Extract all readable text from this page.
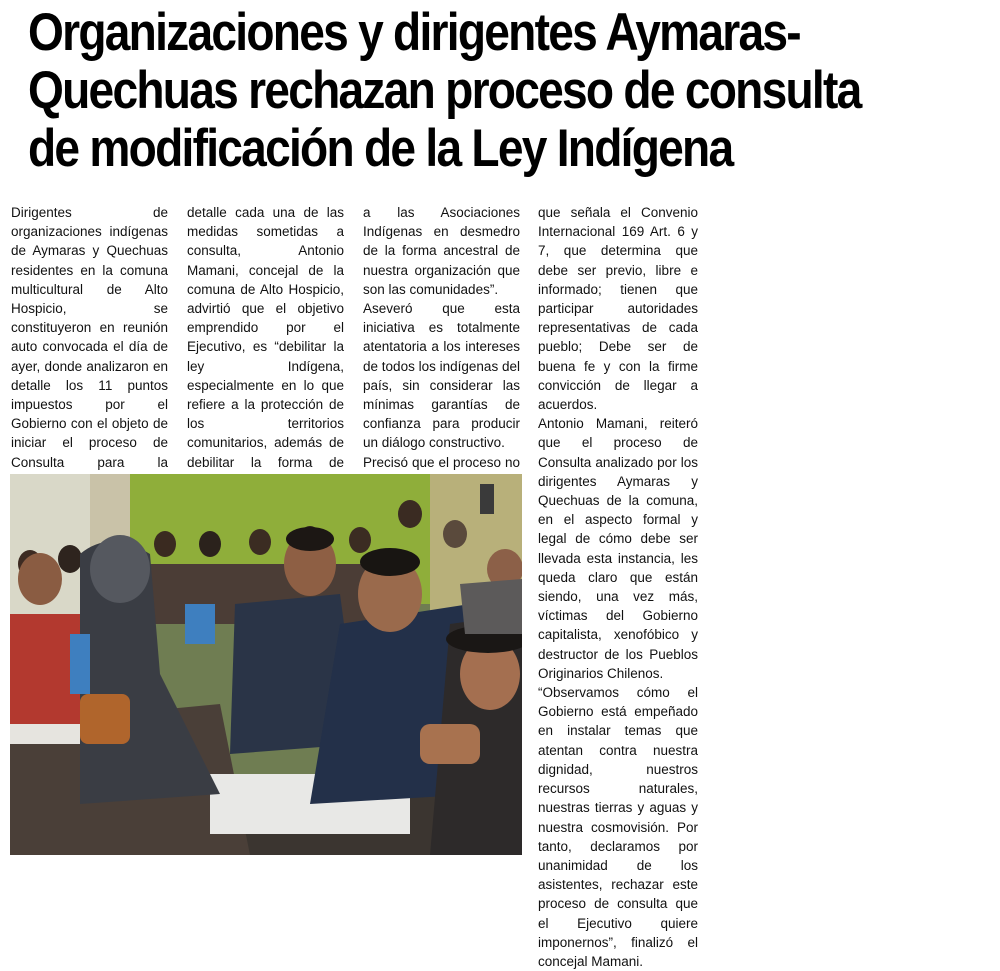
Organizaciones y dirigentes Aymaras-
Quechuas rechazan proceso de consulta
de modificación de la Ley Indígena

Dirigentes de organizaciones indígenas de Aymaras y Quechuas residentes en la comuna multicultural de Alto Hospicio, se constituyeron en reunión auto convocada el día de ayer, donde analizaron en detalle los 11 puntos impuestos por el Gobierno con el objeto de iniciar el proceso de Consulta para la

detalle cada una de las medidas sometidas a consulta, Antonio Mamani, concejal de la comuna de Alto Hospicio, advirtió que el objetivo emprendido por el Ejecutivo, es “debilitar la ley Indígena, especialmente en lo que refiere a la protección de los territorios comunitarios, además de debilitar la forma de

a las Asociaciones Indígenas en desmedro de la forma ancestral de nuestra organización que son las comunidades”.

Aseveró que esta iniciativa es totalmente atentatoria a los intereses de todos los indígenas del país, sin considerar las mínimas garantías de confianza para producir un diálogo constructivo.

Precisó que el proceso no

que señala el Convenio Internacional 169 Art. 6 y 7, que determina que debe ser previo, libre e informado; tienen que participar autoridades representativas de cada pueblo; Debe ser de buena fe y con la firme convicción de llegar a acuerdos.

Antonio Mamani, reiteró que el proceso de Consulta analizado por los dirigentes Aymaras y Quechuas de la comuna, en el aspecto formal y legal de cómo debe ser llevada esta instancia, les queda claro que están siendo, una vez más, víctimas del Gobierno capitalista, xenofóbico y destructor de los Pueblos Originarios Chilenos.

“Observamos cómo el Gobierno está empeñado en instalar temas que atentan contra nuestra dignidad, nuestros recursos naturales, nuestras tierras y aguas y nuestra cosmovisión. Por tanto, declaramos por unanimidad de los asistentes, rechazar este proceso de consulta que el Ejecutivo quiere imponernos”, finalizó el concejal Mamani.
